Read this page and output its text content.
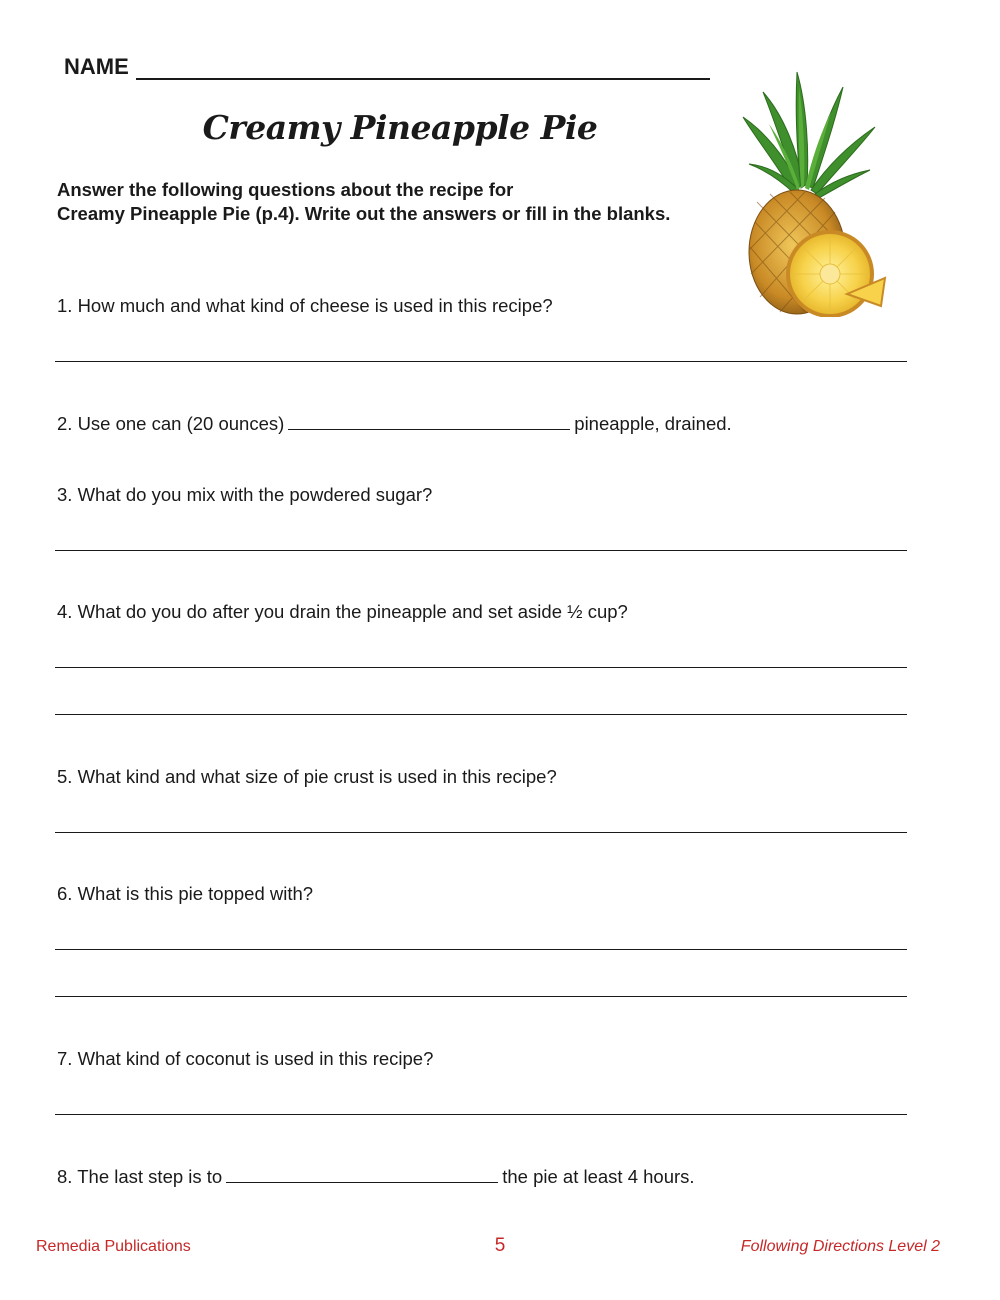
NAME
Creamy Pineapple Pie
Answer the following questions about the recipe for
Creamy Pineapple Pie (p.4). Write out the answers or fill in the blanks.
1. How much and what kind of cheese is used in this recipe?
2. Use one can (20 ounces)	pineapple, drained.
3. What do you mix with the powdered sugar?
4. What do you do after you drain the pineapple and set aside ½ cup?
5. What kind and what size of pie crust is used in this recipe?
6. What is this pie topped with?
7. What kind of coconut is used in this recipe?
8. The last step is to	the pie at least 4 hours.
Remedia Publications	5	Following Directions Level 2
